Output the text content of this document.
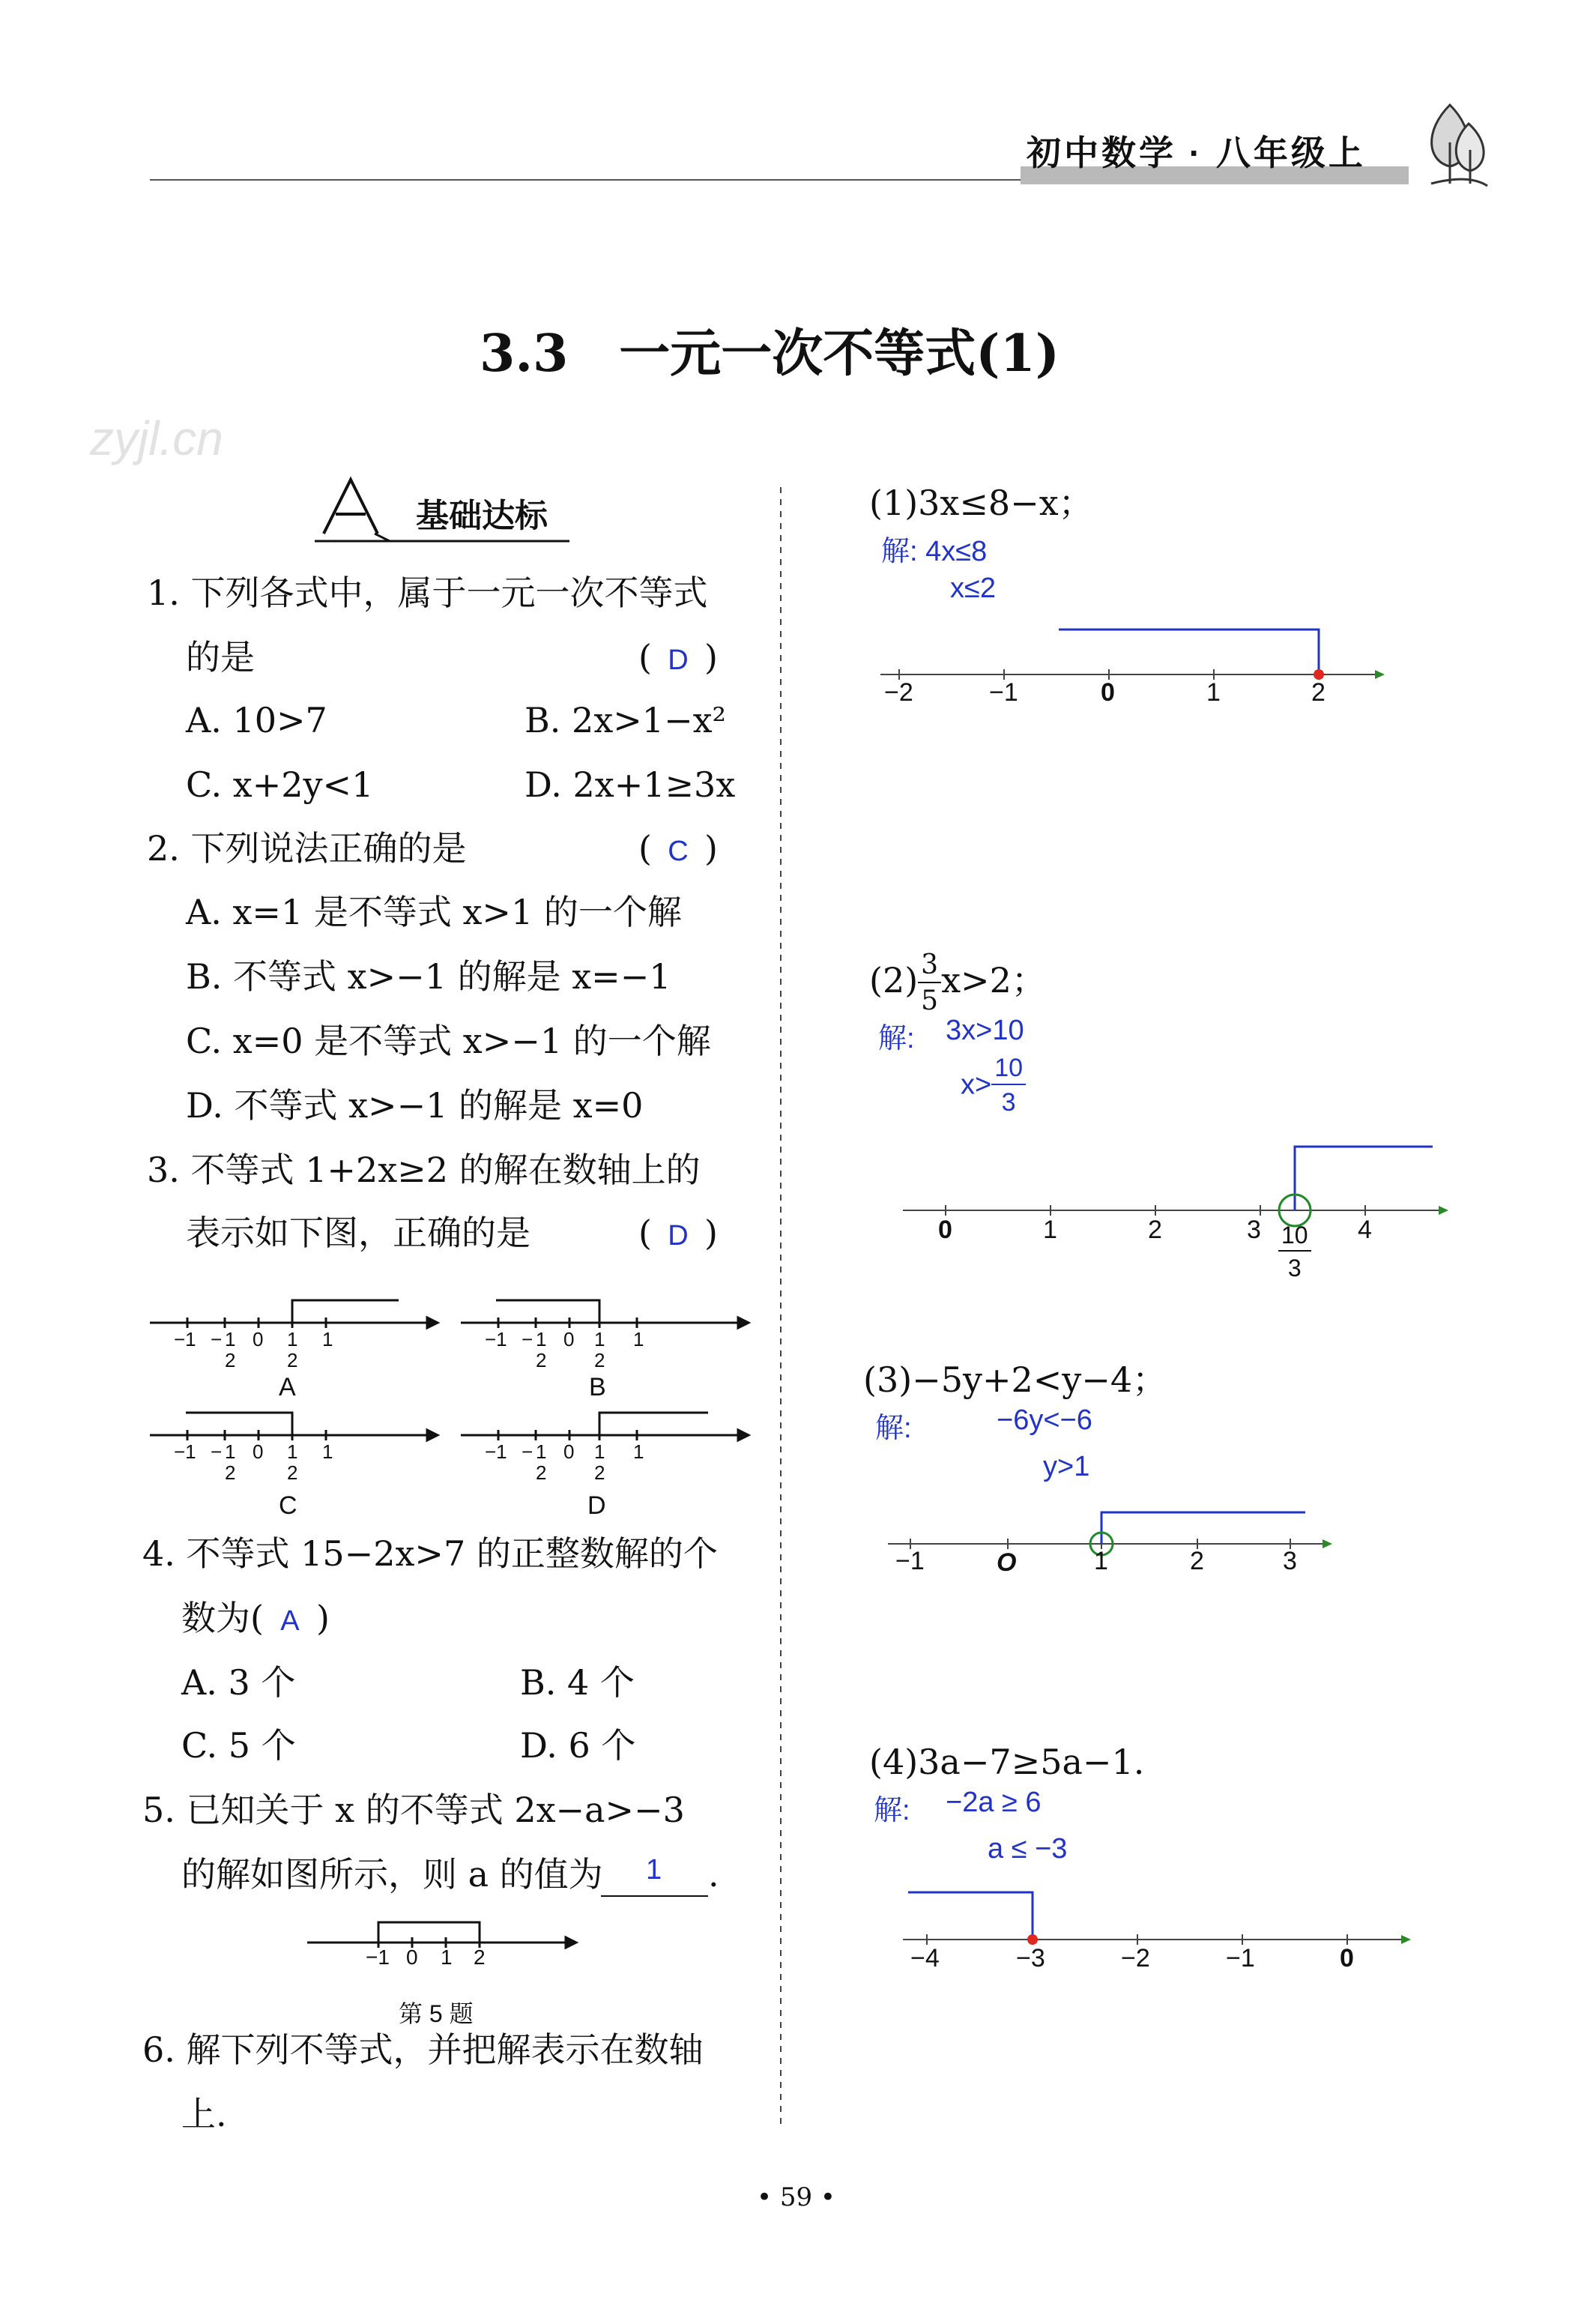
初中数学 · 八年级上
zyjl.cn
3.3　一元一次不等式(1)
基础达标
1. 下列各式中，属于一元一次不等式
的是	( D )
A. 10>7	B. 2x>1−x²
C. x+2y<1	D. 2x+1≥3x
2. 下列说法正确的是	( C )
A. x=1 是不等式 x>1 的一个解
B. 不等式 x>−1 的解是 x=−1
C. x=0 是不等式 x>−1 的一个解
D. 不等式 x>−1 的解是 x=0
3. 不等式 1+2x≥2 的解在数轴上的
表示如下图，正确的是	( D )
−1 − 1
2
0 1
2
1
A
−1 − 1
2
0 1
2
1
B
−1 − 1
2
0 1
2
1
C
−1 − 1
2
0 1
2
1
D
4. 不等式 15−2x>7 的正整数解的个
数为( A )
A. 3 个	B. 4 个
C. 5 个	D. 6 个
5. 已知关于 x 的不等式 2x−a>−3
的解如图所示，则 a 的值为 1 .
−1 0 1 2
第 5 题
6. 解下列不等式，并把解表示在数轴
上.
(1)3x≤8−x；
解: 4x≤8
x≤2
−2	−1	0	1	2
$(2) \frac{3}{5} x>2$；
解: 3x>10
$x> \frac{10}{3}$
0	1	2	3	4
$\frac{10}{3}$
(3)−5y+2<y−4；
解:	−6y<−6
y>1
−1	O	1	2	3
(4)3a−7≥5a−1.
解: −2a ≥ 6
a ≤ −3
−4	−3	−2	−1	0
• 59 •
